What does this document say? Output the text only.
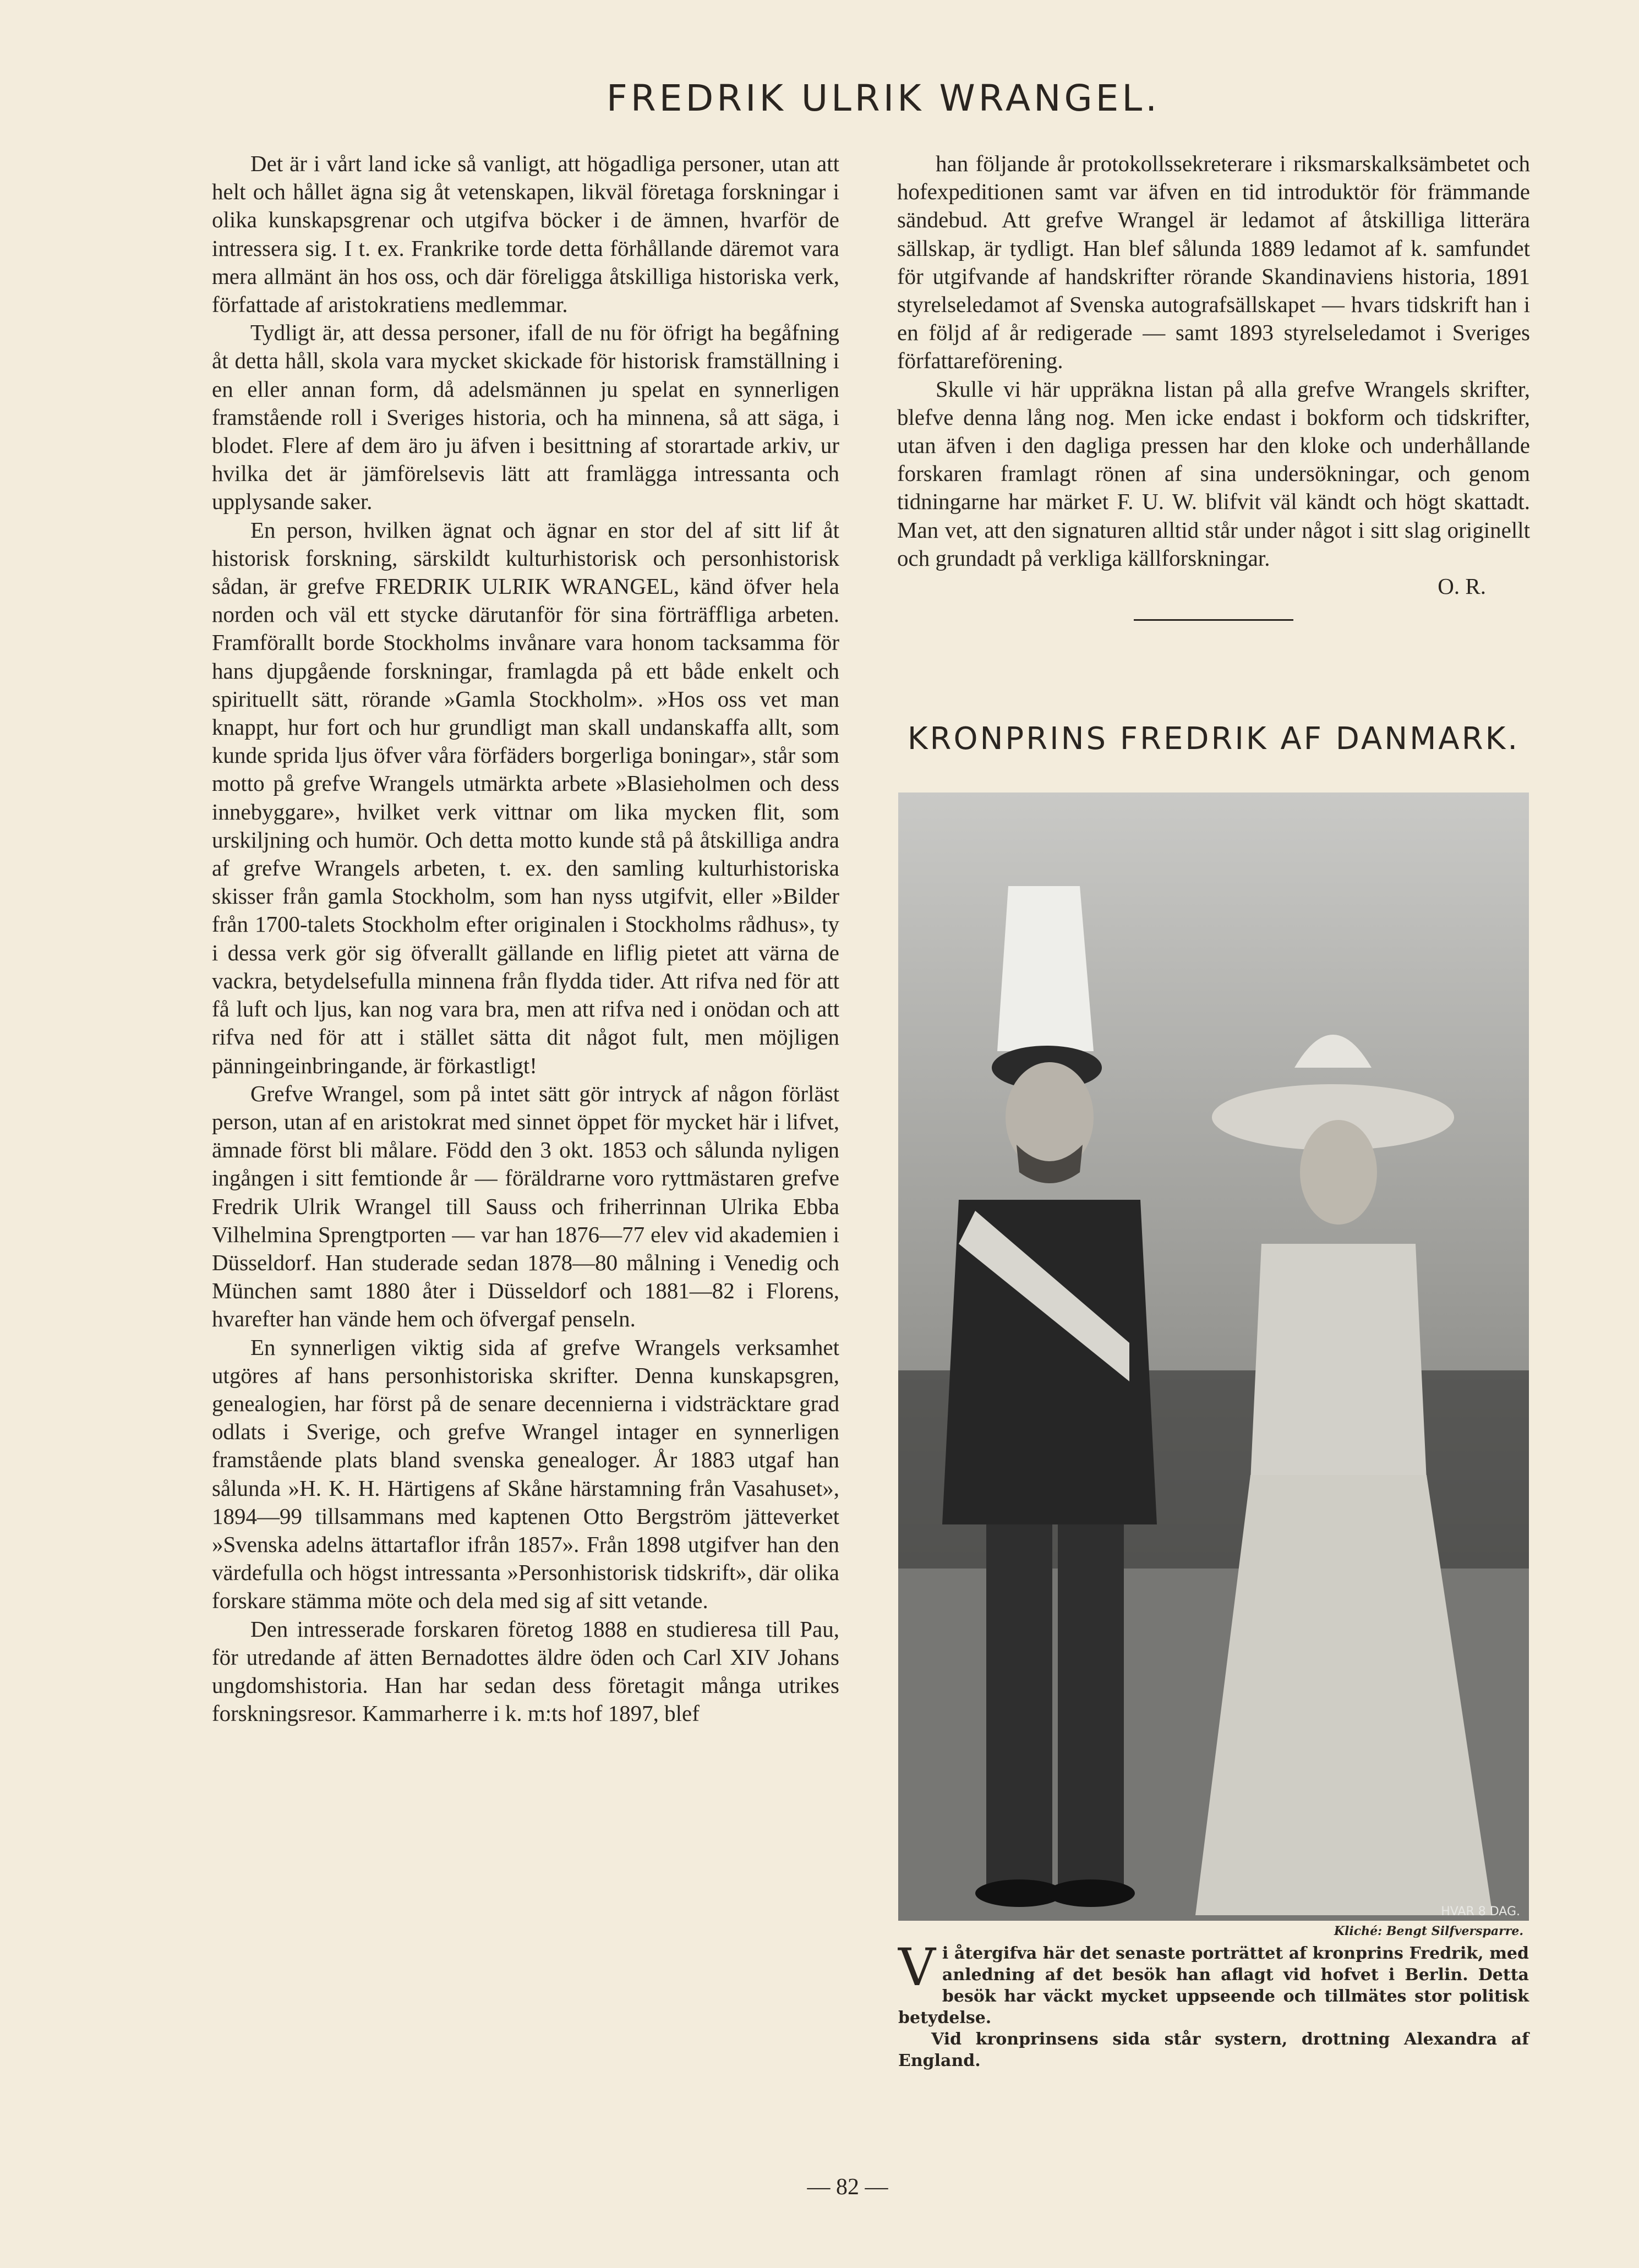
FREDRIK ULRIK WRANGEL.

Det är i vårt land icke så vanligt, att högadliga personer, utan att helt och hållet ägna sig åt vetenskapen, likväl företaga forskningar i olika kunskapsgrenar och utgifva böcker i de ämnen, hvarför de intressera sig. I t. ex. Frankrike torde detta förhållande däremot vara mera allmänt än hos oss, och där föreligga åtskilliga historiska verk, författade af aristokratiens medlemmar.

Tydligt är, att dessa personer, ifall de nu för öfrigt ha begåfning åt detta håll, skola vara mycket skickade för historisk framställning i en eller annan form, då adelsmännen ju spelat en synnerligen framstående roll i Sveriges historia, och ha minnena, så att säga, i blodet. Flere af dem äro ju äfven i besittning af storartade arkiv, ur hvilka det är jämförelsevis lätt att framlägga intressanta och upplysande saker.

En person, hvilken ägnat och ägnar en stor del af sitt lif åt historisk forskning, särskildt kulturhistorisk och personhistorisk sådan, är grefve FREDRIK ULRIK WRANGEL, känd öfver hela norden och väl ett stycke därutanför för sina förträffliga arbeten. Framförallt borde Stockholms invånare vara honom tacksamma för hans djupgående forskningar, framlagda på ett både enkelt och spirituellt sätt, rörande »Gamla Stockholm». »Hos oss vet man knappt, hur fort och hur grundligt man skall undanskaffa allt, som kunde sprida ljus öfver våra förfäders borgerliga boningar», står som motto på grefve Wrangels utmärkta arbete »Blasieholmen och dess innebyggare», hvilket verk vittnar om lika mycken flit, som urskiljning och humör. Och detta motto kunde stå på åtskilliga andra af grefve Wrangels arbeten, t. ex. den samling kulturhistoriska skisser från gamla Stockholm, som han nyss utgifvit, eller »Bilder från 1700-talets Stockholm efter originalen i Stockholms rådhus», ty i dessa verk gör sig öfverallt gällande en liflig pietet att värna de vackra, betydelsefulla minnena från flydda tider. Att rifva ned för att få luft och ljus, kan nog vara bra, men att rifva ned i onödan och att rifva ned för att i stället sätta dit något fult, men möjligen pänningeinbringande, är förkastligt!

Grefve Wrangel, som på intet sätt gör intryck af någon förläst person, utan af en aristokrat med sinnet öppet för mycket här i lifvet, ämnade först bli målare. Född den 3 okt. 1853 och sålunda nyligen ingången i sitt femtionde år — föräldrarne voro ryttmästaren grefve Fredrik Ulrik Wrangel till Sauss och friherrinnan Ulrika Ebba Vilhelmina Sprengtporten — var han 1876—77 elev vid akademien i Düsseldorf. Han studerade sedan 1878—80 målning i Venedig och München samt 1880 åter i Düsseldorf och 1881—82 i Florens, hvarefter han vände hem och öfvergaf penseln.

En synnerligen viktig sida af grefve Wrangels verksamhet utgöres af hans personhistoriska skrifter. Denna kunskapsgren, genealogien, har först på de senare decennierna i vidsträcktare grad odlats i Sverige, och grefve Wrangel intager en synnerligen framstående plats bland svenska genealoger. År 1883 utgaf han sålunda »H. K. H. Härtigens af Skåne härstamning från Vasahuset», 1894—99 tillsammans med kaptenen Otto Bergström jätteverket »Svenska adelns ättartaflor ifrån 1857». Från 1898 utgifver han den värdefulla och högst intressanta »Personhistorisk tidskrift», där olika forskare stämma möte och dela med sig af sitt vetande.

Den intresserade forskaren företog 1888 en studieresa till Pau, för utredande af ätten Bernadottes äldre öden och Carl XIV Johans ungdomshistoria. Han har sedan dess företagit många utrikes forskningsresor. Kammarherre i k. m:ts hof 1897, blef

han följande år protokollssekreterare i riksmarskalksämbetet och hofexpeditionen samt var äfven en tid introduktör för främmande sändebud. Att grefve Wrangel är ledamot af åtskilliga litterära sällskap, är tydligt. Han blef sålunda 1889 ledamot af k. samfundet för utgifvande af handskrifter rörande Skandinaviens historia, 1891 styrelseledamot af Svenska autografsällskapet — hvars tidskrift han i en följd af år redigerade — samt 1893 styrelseledamot i Sveriges författareförening.

Skulle vi här uppräkna listan på alla grefve Wrangels skrifter, blefve denna lång nog. Men icke endast i bokform och tidskrifter, utan äfven i den dagliga pressen har den kloke och underhållande forskaren framlagt rönen af sina undersökningar, och genom tidningarne har märket F. U. W. blifvit väl kändt och högt skattadt. Man vet, att den signaturen alltid står under något i sitt slag originellt och grundadt på verkliga källforskningar.

O. R.

KRONPRINS FREDRIK AF DANMARK.
HVAR 8 DAG.
Kliché: Bengt Silfversparre.

V i återgifva här det senaste porträttet af kronprins Fredrik, med anledning af det besök han aflagt vid hofvet i Berlin. Detta besök har väckt mycket uppseende och tillmätes stor politisk betydelse.

Vid kronprinsens sida står systern, drottning Alexandra af England.

— 82 —
